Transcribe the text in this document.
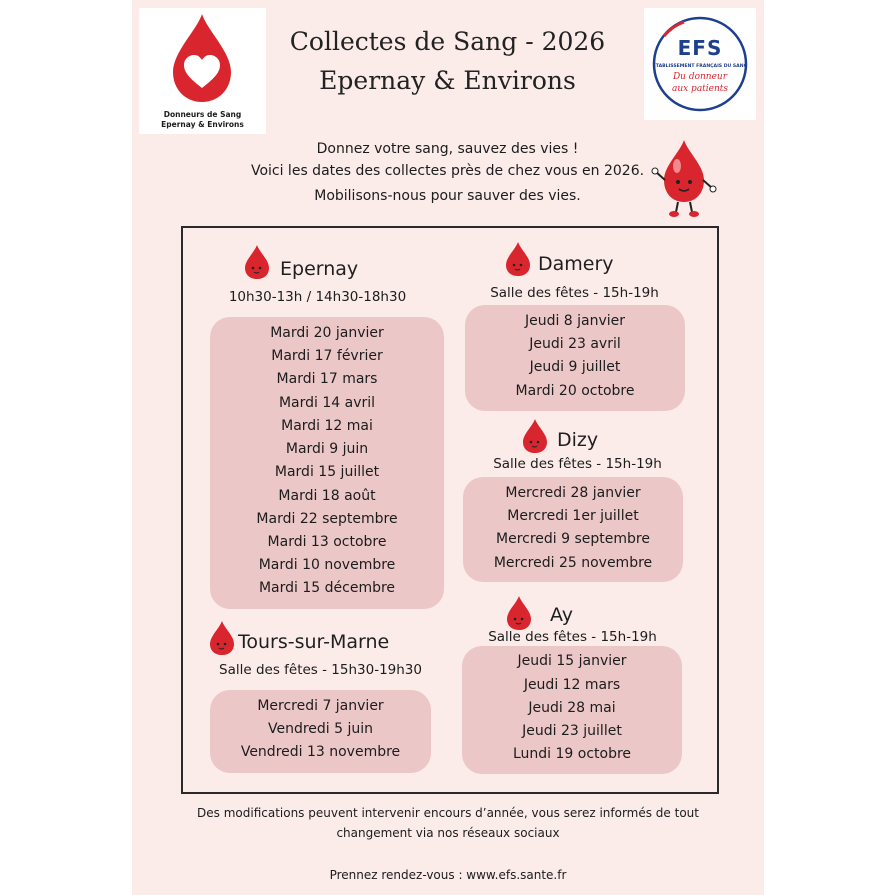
Donneurs de Sang
Epernay & Environs
EFS
ÉTABLISSEMENT FRANÇAIS DU SANG
Du donneur
aux patients
Collectes de Sang - 2026
Epernay & Environs
Donnez votre sang, sauvez des vies !
Voici les dates des collectes près de chez vous en 2026.
Mobilisons-nous pour sauver des vies.
Epernay
10h30-13h / 14h30-18h30
Mardi 20 janvier
Mardi 17 février
Mardi 17 mars
Mardi 14 avril
Mardi 12 mai
Mardi 9 juin
Mardi 15 juillet
Mardi 18 août
Mardi 22 septembre
Mardi 13 octobre
Mardi 10 novembre
Mardi 15 décembre
Tours-sur-Marne
Salle des fêtes - 15h30-19h30
Mercredi 7 janvier
Vendredi 5 juin
Vendredi 13 novembre
Damery
Salle des fêtes - 15h-19h
Jeudi 8 janvier
Jeudi 23 avril
Jeudi 9 juillet
Mardi 20 octobre
Dizy
Salle des fêtes - 15h-19h
Mercredi 28 janvier
Mercredi 1er juillet
Mercredi 9 septembre
Mercredi 25 novembre
Ay
Salle des fêtes - 15h-19h
Jeudi 15 janvier
Jeudi 12 mars
Jeudi 28 mai
Jeudi 23 juillet
Lundi 19 octobre
Des modifications peuvent intervenir encours d’année, vous serez informés de tout
changement via nos réseaux sociaux
Prennez rendez-vous : www.efs.sante.fr
